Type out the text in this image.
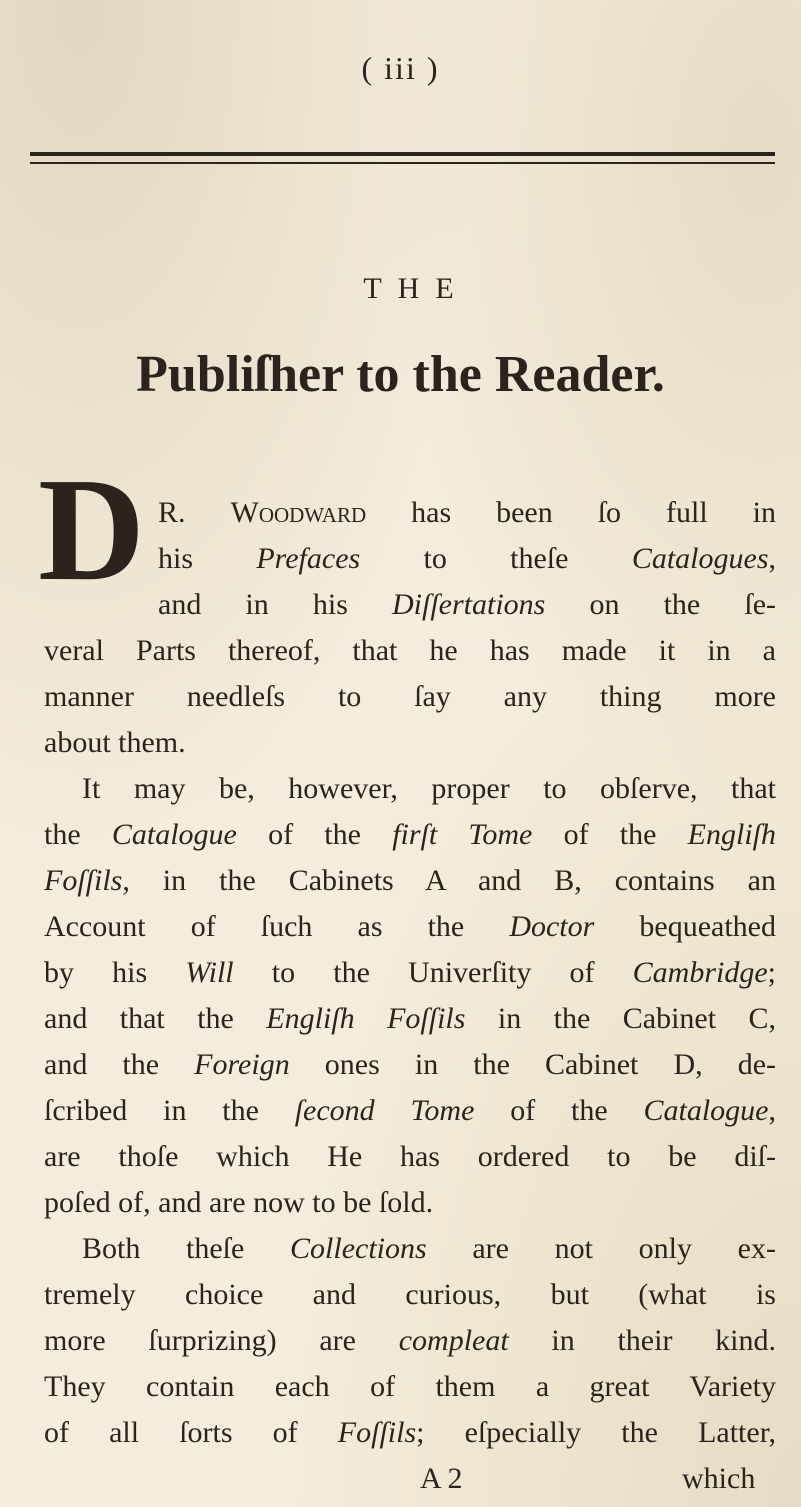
( iii )
THE
Publiſher to the Reader.
D R. Woodward has been ſo full in
his Prefaces to theſe Catalogues,
and in his Diſſertations on the ſe-
veral Parts thereof, that he has made it in a
manner needleſs to ſay any thing more
about them.
It may be, however, proper to obſerve, that
the Catalogue of the firſt Tome of the Engliſh
Foſſils, in the Cabinets A and B, contains an
Account of ſuch as the Doctor bequeathed
by his Will to the Univerſity of Cambridge;
and that the Engliſh Foſſils in the Cabinet C,
and the Foreign ones in the Cabinet D, de-
ſcribed in the ſecond Tome of the Catalogue,
are thoſe which He has ordered to be diſ-
poſed of, and are now to be ſold.
Both theſe Collections are not only ex-
tremely choice and curious, but (what is
more ſurprizing) are compleat in their kind.
They contain each of them a great Variety
of all ſorts of Foſſils; eſpecially the Latter,
A 2	which
